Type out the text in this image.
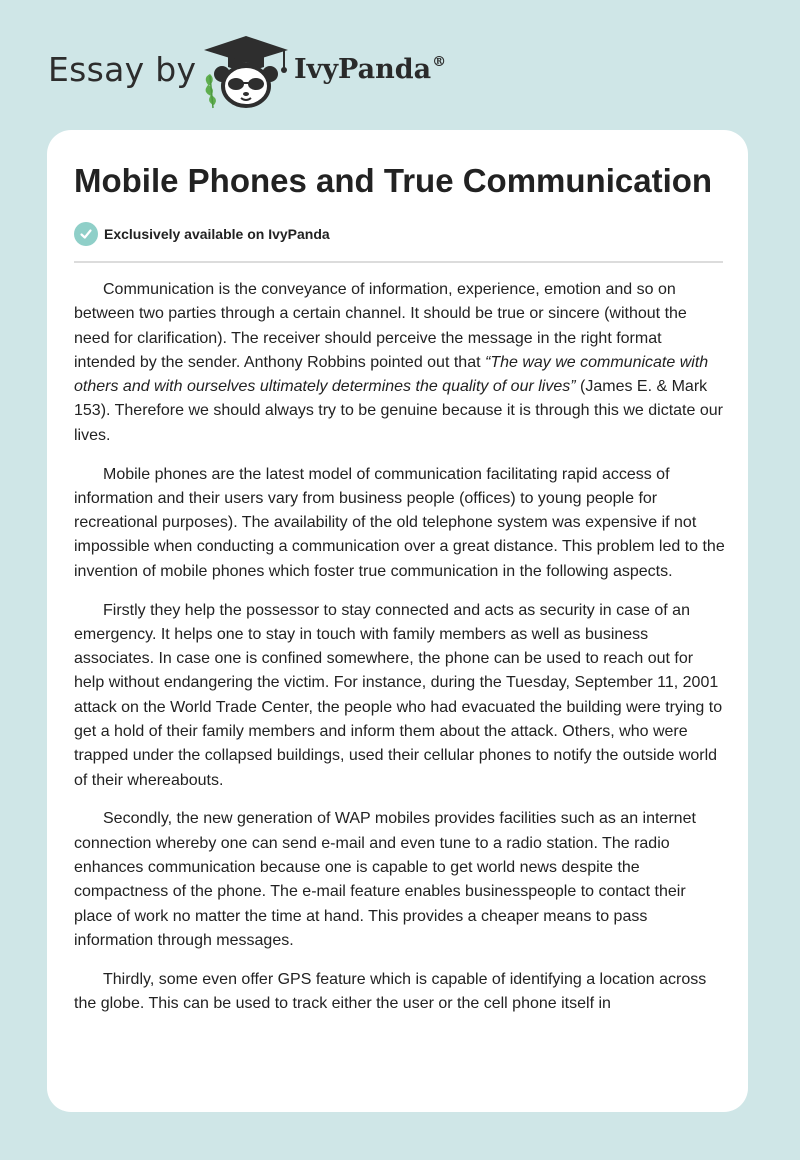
Essay by	IvyPanda®
Mobile Phones and True Communication
Exclusively available on IvyPanda

Communication is the conveyance of information, experience, emotion and so on between two parties through a certain channel. It should be true or sincere (without the need for clarification). The receiver should perceive the message in the right format intended by the sender. Anthony Robbins pointed out that “The way we communicate with others and with ourselves ultimately determines the quality of our lives” (James E. & Mark 153). Therefore we should always try to be genuine because it is through this we dictate our lives.

Mobile phones are the latest model of communication facilitating rapid access of information and their users vary from business people (offices) to young people for recreational purposes). The availability of the old telephone system was expensive if not impossible when conducting a communication over a great distance. This problem led to the invention of mobile phones which foster true communication in the following aspects.

Firstly they help the possessor to stay connected and acts as security in case of an emergency. It helps one to stay in touch with family members as well as business associates. In case one is confined somewhere, the phone can be used to reach out for help without endangering the victim. For instance, during the Tuesday, September 11, 2001 attack on the World Trade Center, the people who had evacuated the building were trying to get a hold of their family members and inform them about the attack. Others, who were trapped under the collapsed buildings, used their cellular phones to notify the outside world of their whereabouts.

Secondly, the new generation of WAP mobiles provides facilities such as an internet connection whereby one can send e-mail and even tune to a radio station. The radio enhances communication because one is capable to get world news despite the compactness of the phone. The e-mail feature enables businesspeople to contact their place of work no matter the time at hand. This provides a cheaper means to pass information through messages.

Thirdly, some even offer GPS feature which is capable of identifying a location across the globe. This can be used to track either the user or the cell phone itself in
